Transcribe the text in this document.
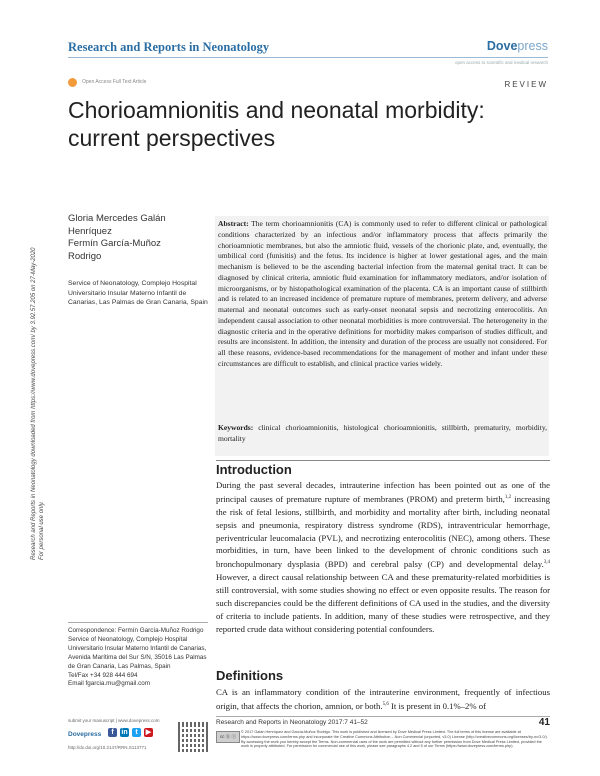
Research and Reports in Neonatology	Dovepress
open access to scientific and medical research
Open Access Full Text Article	REVIEW
Chorioamnionitis and neonatal morbidity: current perspectives
Research and Reports in Neonatology downloaded from https://www.dovepress.com/ by 3.92.57.205 on 27-May-2020 For personal use only.
Gloria Mercedes Galán
Henríquez
Fermín García-Muñoz
Rodrigo
Service of Neonatology, Complejo Hospital Universitario Insular Materno Infantil de Canarias, Las Palmas de Gran Canaria, Spain
Abstract: The term chorioamnionitis (CA) is commonly used to refer to different clinical or pathological conditions characterized by an infectious and/or inflammatory process that affects primarily the chorioamniotic membranes, but also the amniotic fluid, vessels of the chorionic plate, and, eventually, the umbilical cord (funisitis) and the fetus. Its incidence is higher at lower gestational ages, and the main mechanism is believed to be the ascending bacterial infection from the maternal genital tract. It can be diagnosed by clinical criteria, amniotic fluid examination for inflammatory mediators, and/or isolation of microorganisms, or by histopathological examination of the placenta. CA is an important cause of stillbirth and is related to an increased incidence of premature rupture of membranes, preterm delivery, and adverse maternal and neonatal outcomes such as early-onset neonatal sepsis and necrotizing enterocolitis. An independent causal association to other neonatal morbidities is more controversial. The heterogeneity in the diagnostic criteria and in the operative definitions for morbidity makes comparison of studies difficult, and results are inconsistent. In addition, the intensity and duration of the process are usually not considered. For all these reasons, evidence-based recommendations for the management of mother and infant under these circumstances are difficult to establish, and clinical practice varies widely.
Keywords: clinical chorioamnionitis, histological chorioamnionitis, stillbirth, prematurity, morbidity, mortality
Introduction
During the past several decades, intrauterine infection has been pointed out as one of the principal causes of premature rupture of membranes (PROM) and preterm birth,$^{1,2}$ increasing the risk of fetal lesions, stillbirth, and morbidity and mortality after birth, including neonatal sepsis and pneumonia, respiratory distress syndrome (RDS), intraventricular hemorrhage, periventricular leucomalacia (PVL), and necrotizing enterocolitis (NEC), among others. These morbidities, in turn, have been linked to the development of chronic conditions such as bronchopulmonary dysplasia (BPD) and cerebral palsy (CP) and developmental delay.$^{3,4}$ However, a direct causal relationship between CA and these prematurity-related morbidities is still controversial, with some studies showing no effect or even opposite results. The reason for such discrepancies could be the different definitions of CA used in the studies, and the diversity of criteria to include patients. In addition, many of these studies were retrospective, and they reported crude data without considering potential confounders.
Definitions
CA is an inflammatory condition of the intrauterine environment, frequently of infectious origin, that affects the chorion, amnion, or both.$^{5,6}$ It is present in 0.1%–2% of
Correspondence: Fermín García-Muñoz Rodrigo
Service of Neonatology, Complejo Hospital Universitario Insular Materno Infantil de Canarias, Avenida Marítima del Sur S/N, 35016 Las Palmas de Gran Canaria, Las Palmas, Spain
Tel/Fax +34 928 444 694
Email fgarcia.mu@gmail.com
Research and Reports in Neonatology 2017:7 41–52	41
cc ⓑ ⓢ
© 2017 Galán Henríquez and García-Muñoz Rodrigo. This work is published and licensed by Dove Medical Press Limited. The full terms of this license are available at https://www.dovepress.com/terms.php and incorporate the Creative Commons Attribution – Non Commercial (unported, v3.0) License (http://creativecommons.org/licenses/by-nc/3.0/). By accessing the work you hereby accept the Terms. Non-commercial uses of the work are permitted without any further permission from Dove Medical Press Limited, provided the work is properly attributed. For permission for commercial use of this work, please see paragraphs 4.2 and 5 of our Terms (https://www.dovepress.com/terms.php).
submit your manuscript | www.dovepress.com
Dovepress	f	in	t	▶
http://dx.doi.org/10.2147/RRN.S113771
